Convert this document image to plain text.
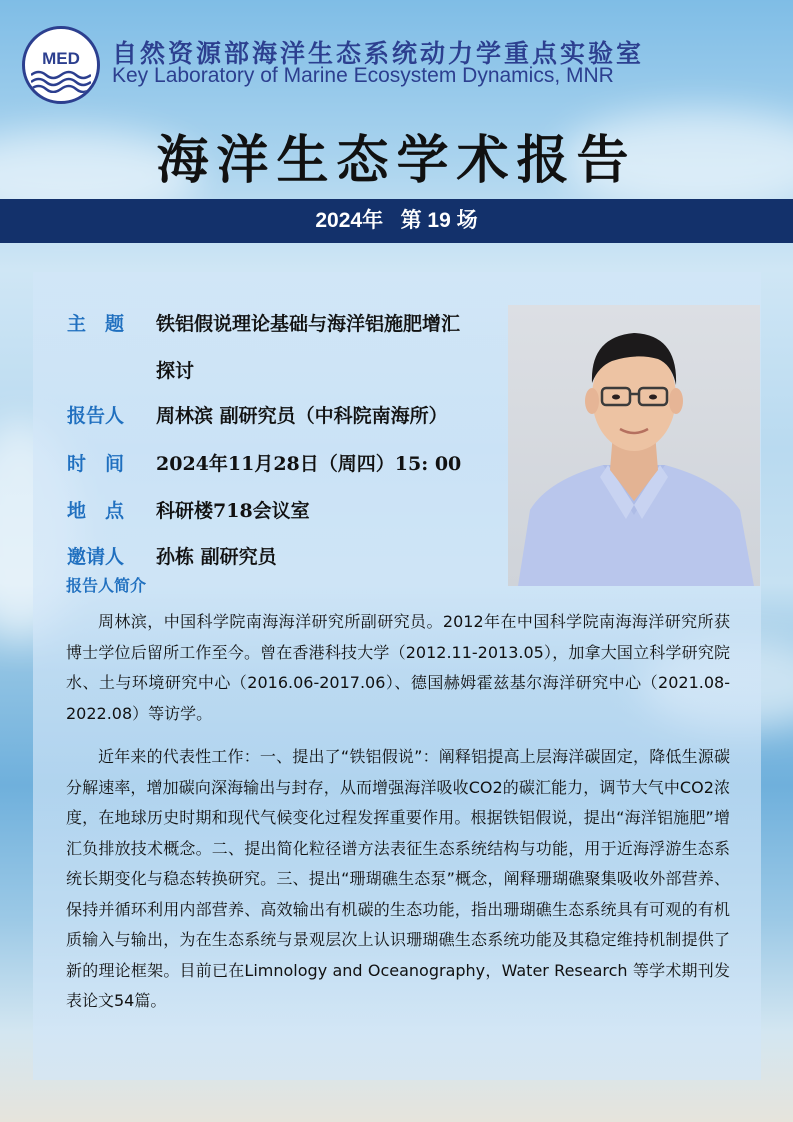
MED	自然资源部海洋生态系统动力学重点实验室
Key Laboratory of Marine Ecosystem Dynamics, MNR
海洋生态学术报告
2024年   第 19 场
主　题 铁铝假说理论基础与海洋铝施肥增汇
探讨
报告人 周林滨 副研究员（中科院南海所）
时　间 2024年11月28日（周四）15: 00
地　点 科研楼718会议室
邀请人 孙栋 副研究员
报告人简介

周林滨，中国科学院南海海洋研究所副研究员。2012年在中国科学院南海海洋研究所获博士学位后留所工作至今。曾在香港科技大学（2012.11-2013.05），加拿大国立科学研究院水、土与环境研究中心（2016.06-2017.06）、德国赫姆霍兹基尔海洋研究中心（2021.08-2022.08）等访学。

近年来的代表性工作：一、提出了“铁铝假说”：阐释铝提高上层海洋碳固定，降低生源碳分解速率，增加碳向深海输出与封存，从而增强海洋吸收CO2的碳汇能力，调节大气中CO2浓度，在地球历史时期和现代气候变化过程发挥重要作用。根据铁铝假说，提出“海洋铝施肥”增汇负排放技术概念。二、提出简化粒径谱方法表征生态系统结构与功能，用于近海浮游生态系统长期变化与稳态转换研究。三、提出“珊瑚礁生态泵”概念，阐释珊瑚礁聚集吸收外部营养、保持并循环利用内部营养、高效输出有机碳的生态功能，指出珊瑚礁生态系统具有可观的有机质输入与输出，为在生态系统与景观层次上认识珊瑚礁生态系统功能及其稳定维持机制提供了新的理论框架。目前已在Limnology and Oceanography，Water Research 等学术期刊发表论文54篇。
